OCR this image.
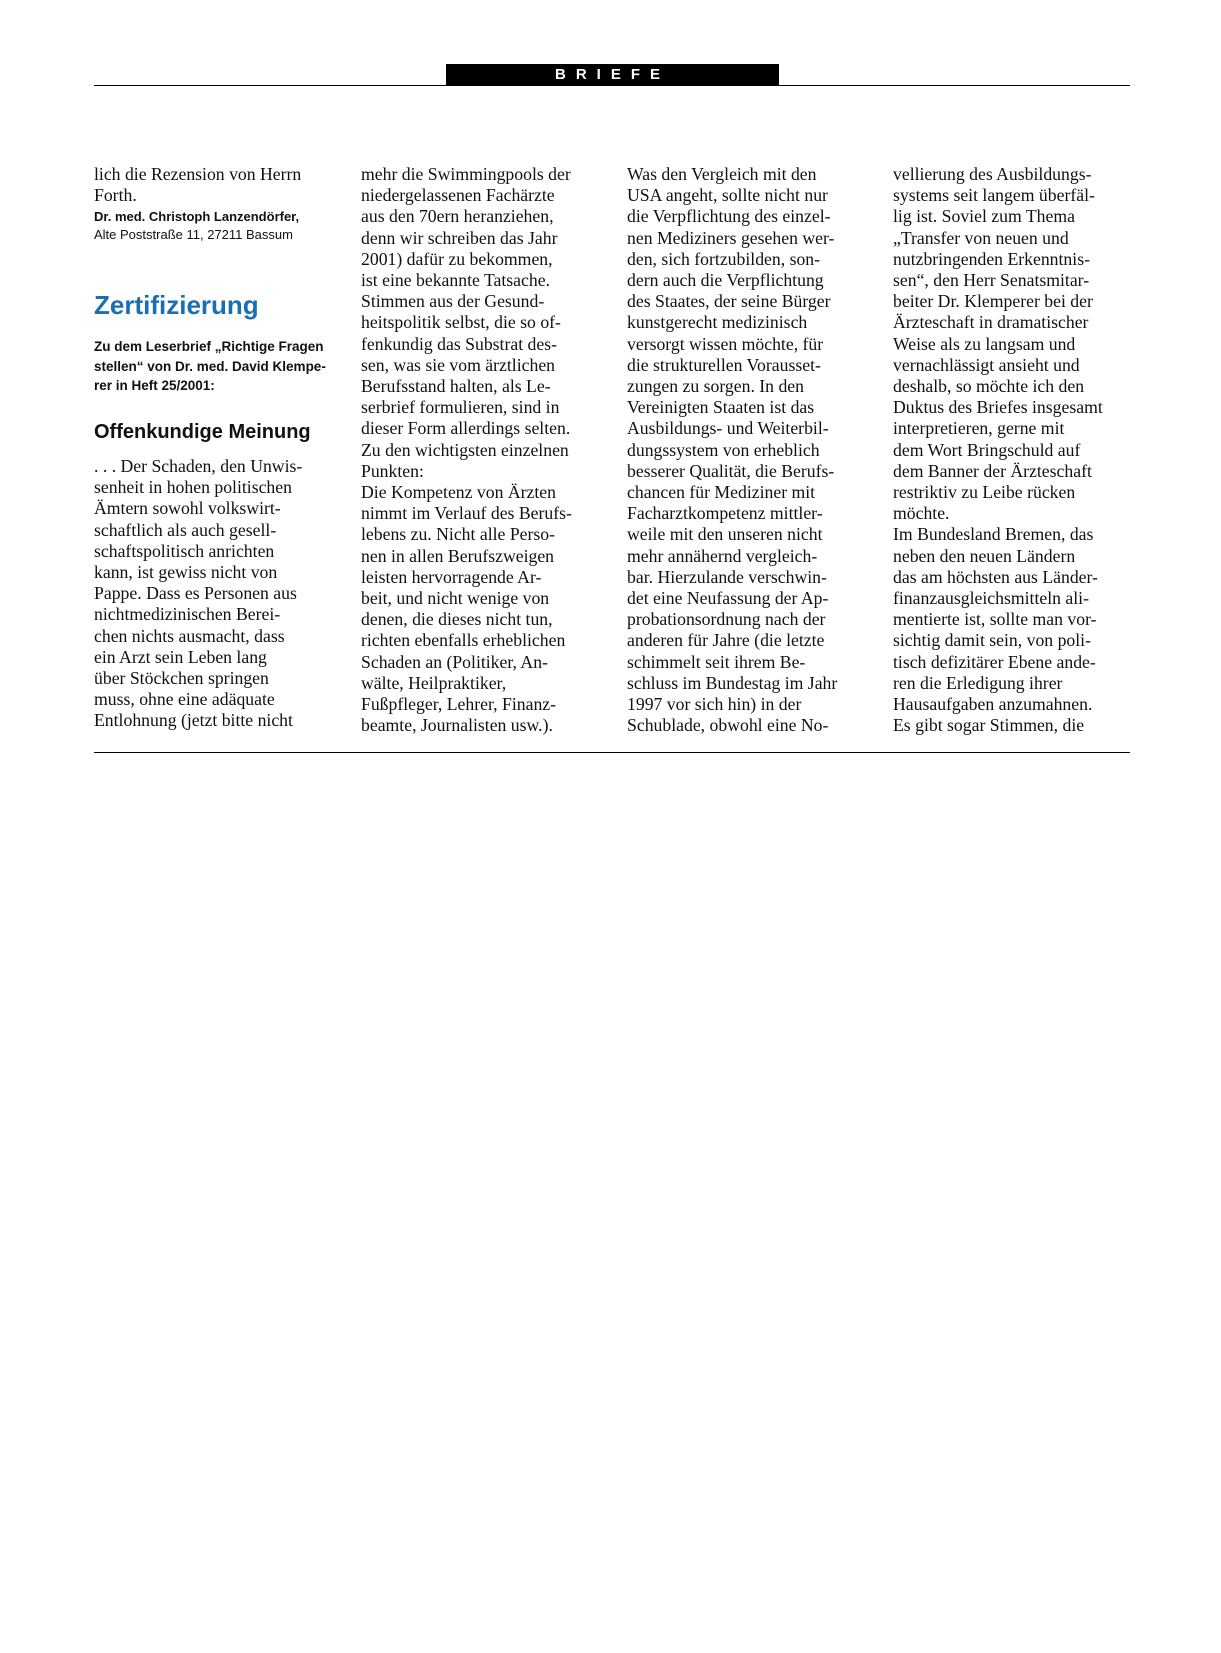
BRIEFE

lich die Rezension von Herrn
Forth.

Dr. med. Christoph Lanzendörfer,

Alte Poststraße 11, 27211 Bassum

Zertifizierung

Zu dem Leserbrief „Richtige Fragen
stellen“ von Dr. med. David Klempe-
rer in Heft 25/2001:

Offenkundige Meinung

. . . Der Schaden, den Unwis-
senheit in hohen politischen
Ämtern sowohl volkswirt-
schaftlich als auch gesell-
schaftspolitisch anrichten
kann, ist gewiss nicht von
Pappe. Dass es Personen aus
nichtmedizinischen Berei-
chen nichts ausmacht, dass
ein Arzt sein Leben lang
über Stöckchen springen
muss, ohne eine adäquate
Entlohnung (jetzt bitte nicht

mehr die Swimmingpools der
niedergelassenen Fachärzte
aus den 70ern heranziehen,
denn wir schreiben das Jahr
2001) dafür zu bekommen,
ist eine bekannte Tatsache.
Stimmen aus der Gesund-
heitspolitik selbst, die so of-
fenkundig das Substrat des-
sen, was sie vom ärztlichen
Berufsstand halten, als Le-
serbrief formulieren, sind in
dieser Form allerdings selten.
Zu den wichtigsten einzelnen
Punkten:
Die Kompetenz von Ärzten
nimmt im Verlauf des Berufs-
lebens zu. Nicht alle Perso-
nen in allen Berufszweigen
leisten hervorragende Ar-
beit, und nicht wenige von
denen, die dieses nicht tun,
richten ebenfalls erheblichen
Schaden an (Politiker, An-
wälte, Heilpraktiker,
Fußpfleger, Lehrer, Finanz-
beamte, Journalisten usw.).

Was den Vergleich mit den
USA angeht, sollte nicht nur
die Verpflichtung des einzel-
nen Mediziners gesehen wer-
den, sich fortzubilden, son-
dern auch die Verpflichtung
des Staates, der seine Bürger
kunstgerecht medizinisch
versorgt wissen möchte, für
die strukturellen Vorausset-
zungen zu sorgen. In den
Vereinigten Staaten ist das
Ausbildungs- und Weiterbil-
dungssystem von erheblich
besserer Qualität, die Berufs-
chancen für Mediziner mit
Facharztkompetenz mittler-
weile mit den unseren nicht
mehr annähernd vergleich-
bar. Hierzulande verschwin-
det eine Neufassung der Ap-
probationsordnung nach der
anderen für Jahre (die letzte
schimmelt seit ihrem Be-
schluss im Bundestag im Jahr
1997 vor sich hin) in der
Schublade, obwohl eine No-

vellierung des Ausbildungs-
systems seit langem überfäl-
lig ist. Soviel zum Thema
„Transfer von neuen und
nutzbringenden Erkenntnis-
sen“, den Herr Senatsmitar-
beiter Dr. Klemperer bei der
Ärzteschaft in dramatischer
Weise als zu langsam und
vernachlässigt ansieht und
deshalb, so möchte ich den
Duktus des Briefes insgesamt
interpretieren, gerne mit
dem Wort Bringschuld auf
dem Banner der Ärzteschaft
restriktiv zu Leibe rücken
möchte.
Im Bundesland Bremen, das
neben den neuen Ländern
das am höchsten aus Länder-
finanzausgleichsmitteln ali-
mentierte ist, sollte man vor-
sichtig damit sein, von poli-
tisch defizitärer Ebene ande-
ren die Erledigung ihrer
Hausaufgaben anzumahnen.
Es gibt sogar Stimmen, die
